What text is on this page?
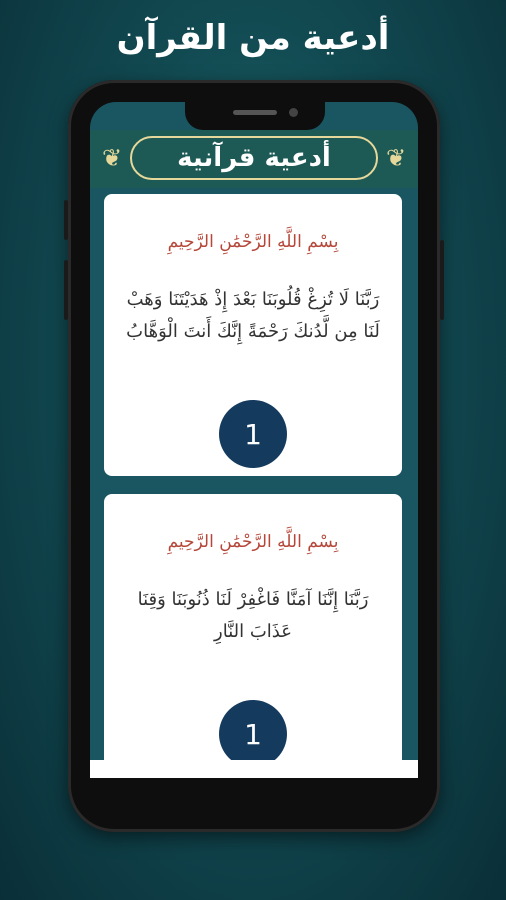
أدعية من القرآن
❦ أدعية قرآنية ❦
بِسْمِ اللَّهِ الرَّحْمَٰنِ الرَّحِيمِ
رَبَّنَا لَا تُزِغْ قُلُوبَنَا بَعْدَ إِذْ هَدَيْتَنَا وَهَبْ لَنَا مِن لَّدُنكَ رَحْمَةً إِنَّكَ أَنتَ الْوَهَّابُ
1
بِسْمِ اللَّهِ الرَّحْمَٰنِ الرَّحِيمِ
رَبَّنَا إِنَّنَا آمَنَّا فَاغْفِرْ لَنَا ذُنُوبَنَا وَقِنَا عَذَابَ النَّارِ
1
